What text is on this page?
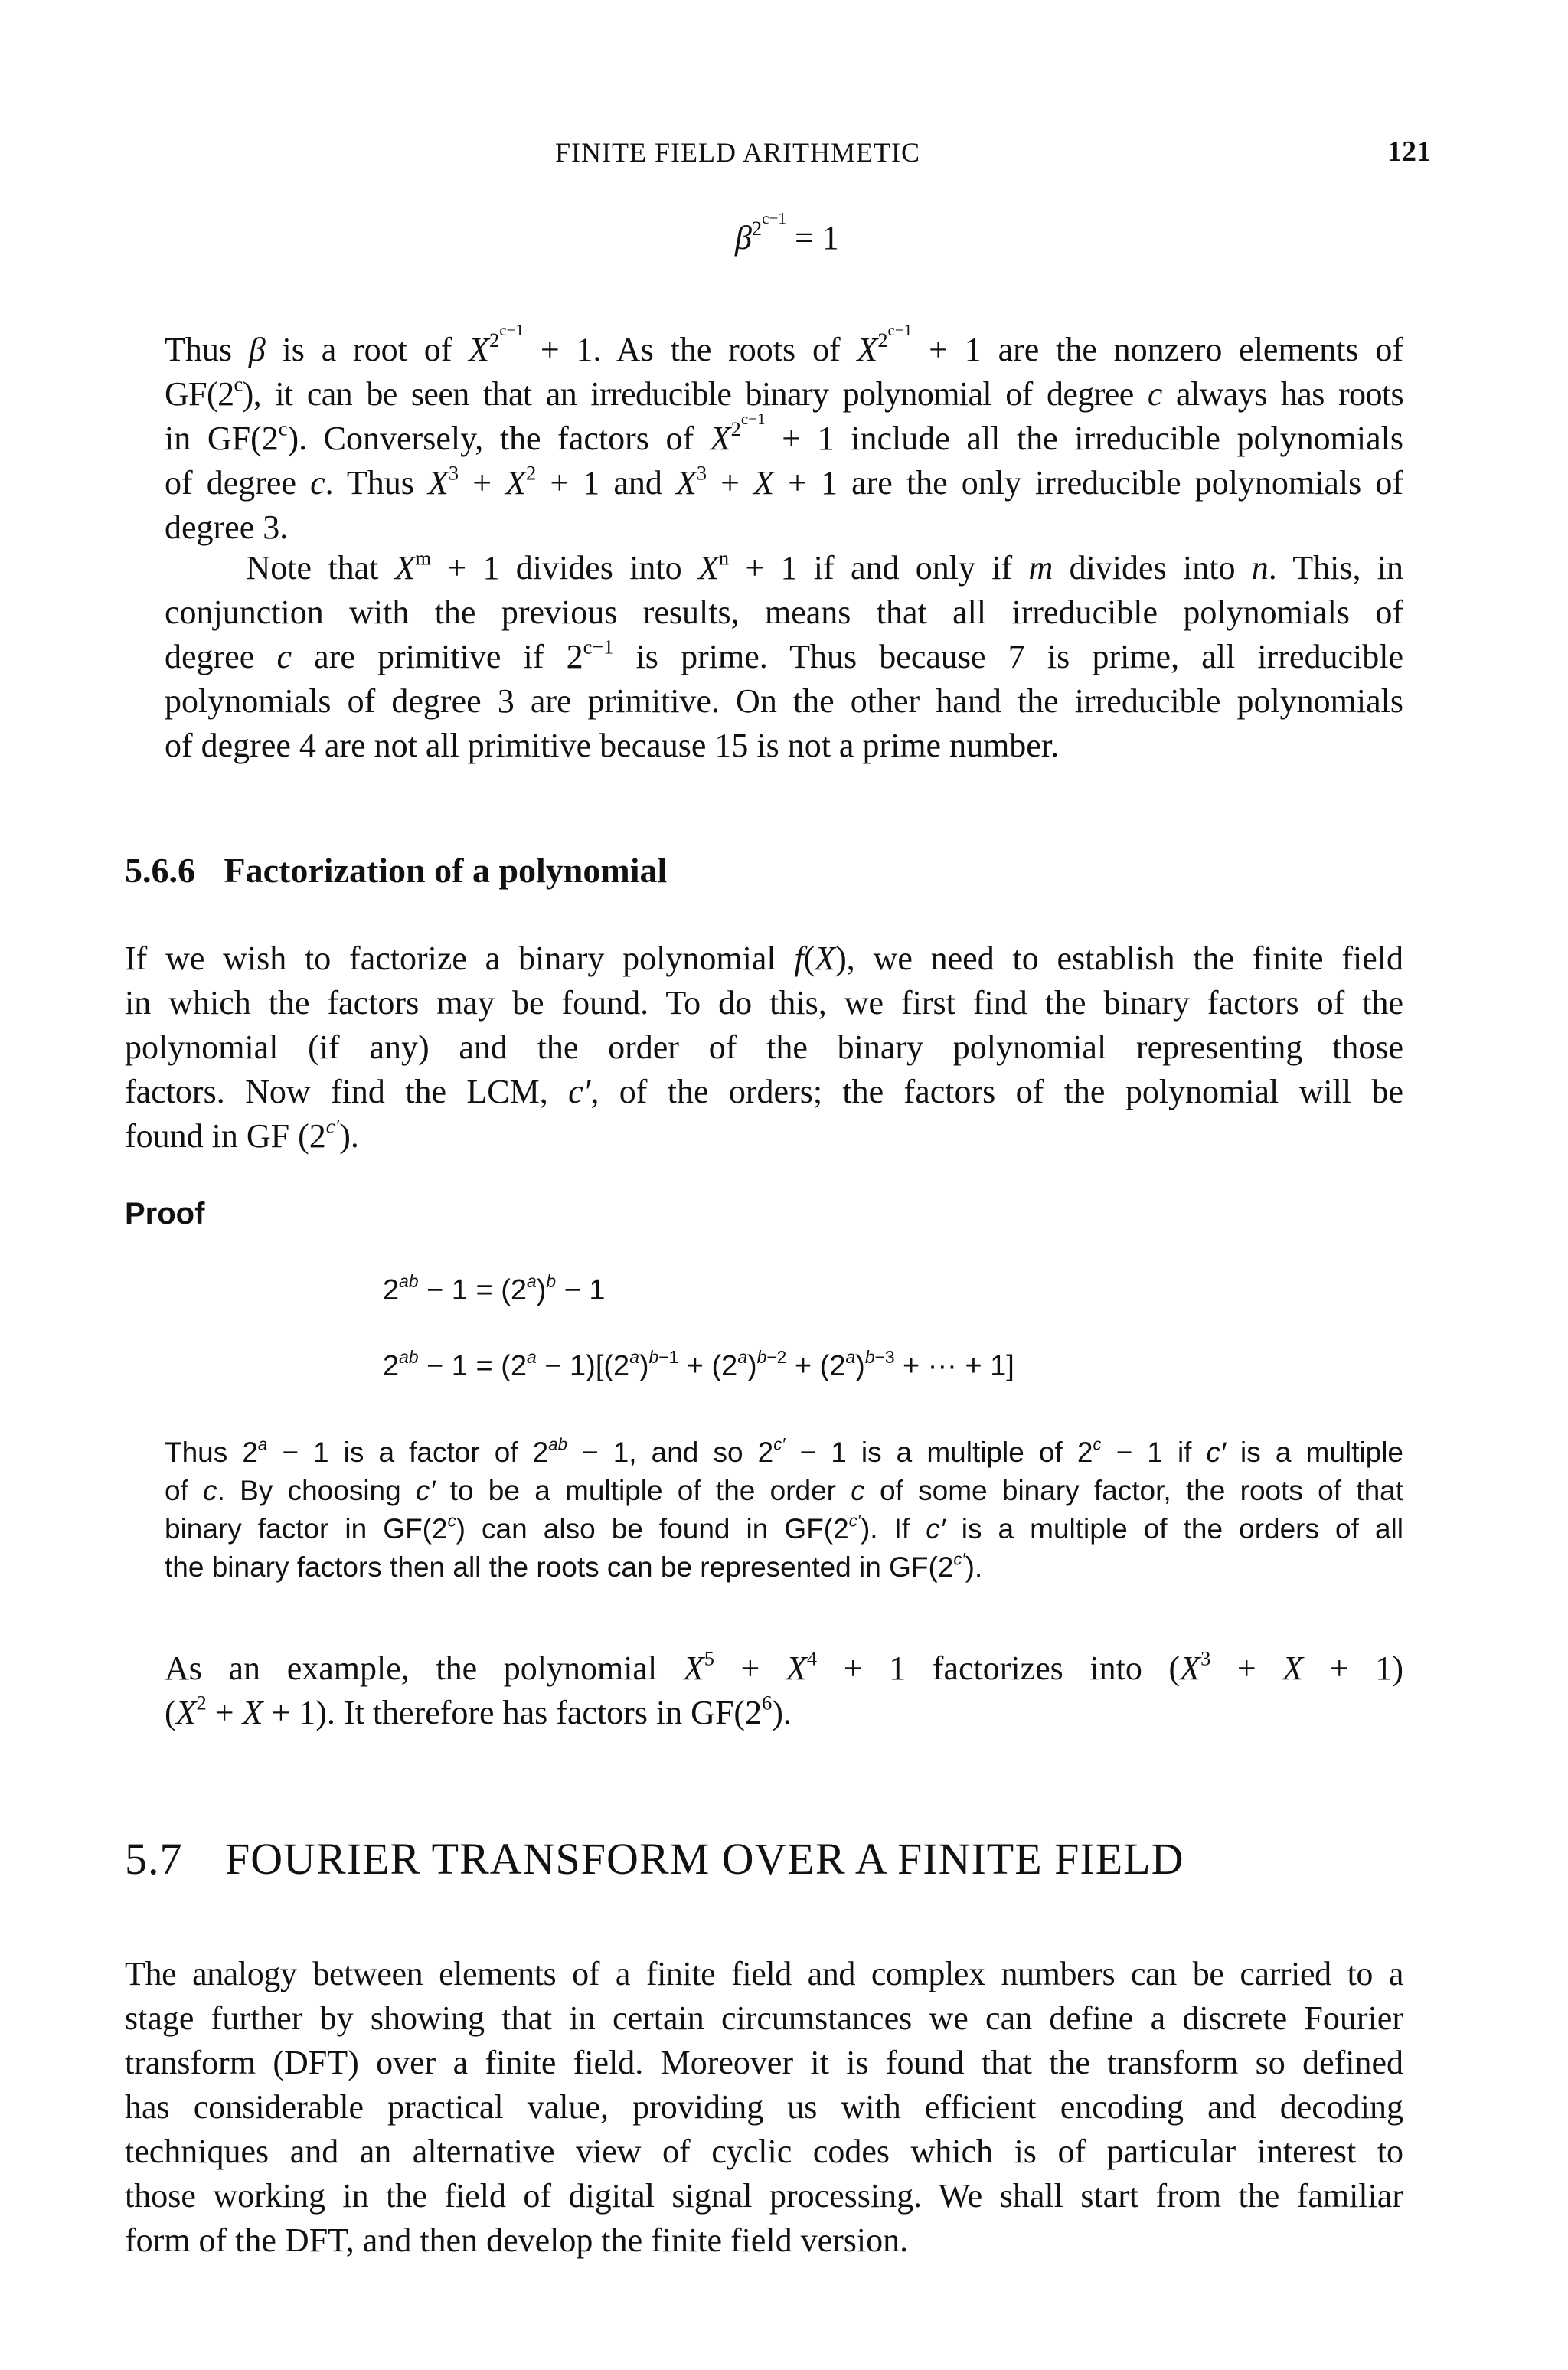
FINITE FIELD ARITHMETIC	121
$\beta^{2^{c-1}} = 1$
Thus β is a root of $X^{2^{c-1}} + 1$. As the roots of $X^{2^{c-1}} + 1$ are the nonzero elements of
GF(2$^c$), it can be seen that an irreducible binary polynomial of degree c always has roots
in GF(2$^c$). Conversely, the factors of $X^{2^{c-1}} + 1$ include all the irreducible polynomials
of degree c. Thus $X^3 + X^2 + 1$ and $X^3 + X + 1$ are the only irreducible polynomials of
degree 3.
Note that $X^m + 1$ divides into $X^n + 1$ if and only if m divides into n. This, in
conjunction with the previous results, means that all irreducible polynomials of
degree c are primitive if $2^{c-1}$ is prime. Thus because 7 is prime, all irreducible
polynomials of degree 3 are primitive. On the other hand the irreducible polynomials
of degree 4 are not all primitive because 15 is not a prime number.
5.6.6 Factorization of a polynomial
If we wish to factorize a binary polynomial f(X), we need to establish the finite field
in which the factors may be found. To do this, we first find the binary factors of the
polynomial (if any) and the order of the binary polynomial representing those
factors. Now find the LCM, c′, of the orders; the factors of the polynomial will be
found in GF $(2^{c'})$.
Proof
$2^{ab} - 1 = (2^a)^b - 1$
$2^{ab} - 1 = (2^a - 1)[(2^a)^{b-1} + (2^a)^{b-2} + (2^a)^{b-3}$ + ··· + 1]
Thus $2^a - 1$ is a factor of $2^{ab} - 1$, and so $2^{c'} - 1$ is a multiple of $2^c - 1$ if c′ is a multiple
of c. By choosing c′ to be a multiple of the order c of some binary factor, the roots of that
binary factor in GF(2$^c$) can also be found in $GF(2^{c'})$. If c′ is a multiple of the orders of all
the binary factors then all the roots can be represented in $GF(2^{c'})$.
As an example, the polynomial $X^5 + X^4 + 1$ factorizes into $(X^3 + X + 1)$
$(X^2 + X + 1)$. It therefore has factors in $GF(2^6)$.
5.7 FOURIER TRANSFORM OVER A FINITE FIELD
The analogy between elements of a finite field and complex numbers can be carried to a
stage further by showing that in certain circumstances we can define a discrete Fourier
transform (DFT) over a finite field. Moreover it is found that the transform so defined
has considerable practical value, providing us with efficient encoding and decoding
techniques and an alternative view of cyclic codes which is of particular interest to
those working in the field of digital signal processing. We shall start from the familiar
form of the DFT, and then develop the finite field version.
